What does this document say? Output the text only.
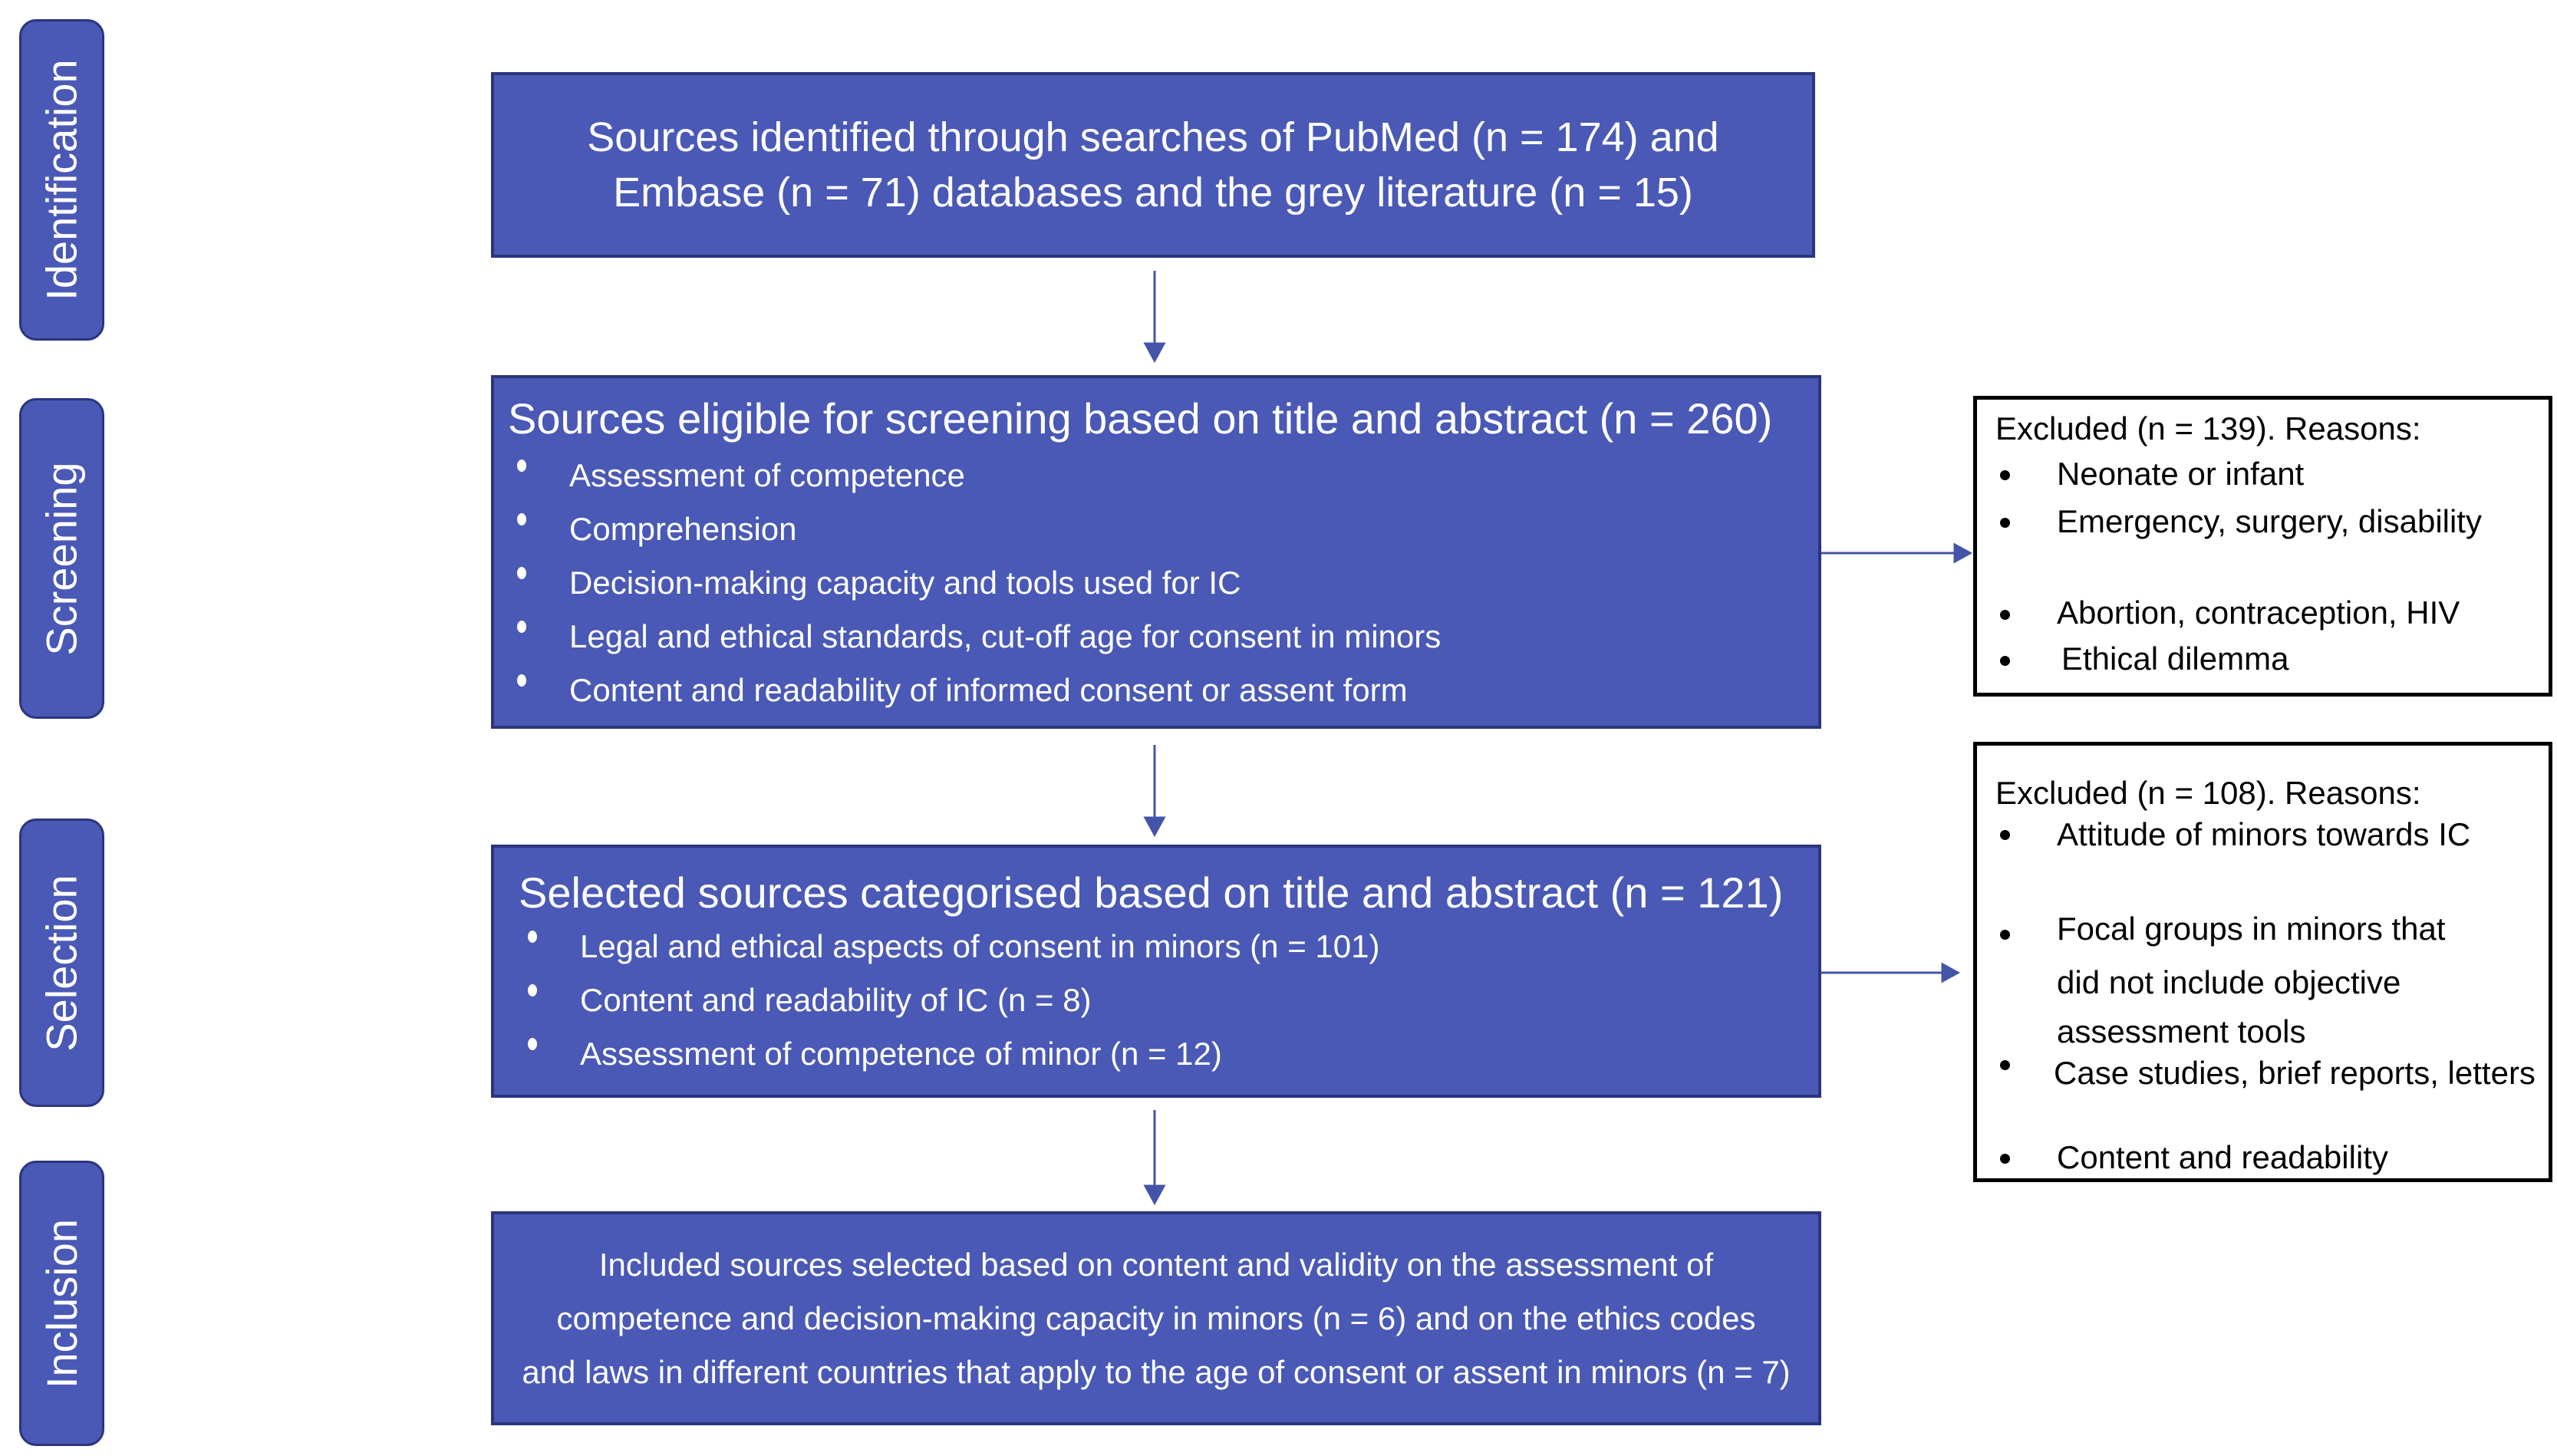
Identification
Screening
Selection
Inclusion
Sources identified through searches of PubMed (n = 174) and
Embase (n = 71) databases and the grey literature (n = 15)
Sources eligible for screening based on title and abstract (n = 260)
Assessment of competence
Comprehension
Decision-making capacity and tools used for IC
Legal and ethical standards, cut-off age for consent in minors
Content and readability of informed consent or assent form
Selected sources categorised based on title and abstract (n = 121)
Legal and ethical aspects of consent in minors (n = 101)
Content and readability of IC (n = 8)
Assessment of competence of minor (n = 12)
Included sources selected based on content and validity on the assessment of
competence and decision-making capacity in minors (n = 6) and on the ethics codes
and laws in different countries that apply to the age of consent or assent in minors (n = 7)
Excluded (n = 139). Reasons:
Neonate or infant
Emergency, surgery, disability
Abortion, contraception, HIV
Ethical dilemma
Excluded (n = 108). Reasons:
Attitude of minors towards IC
Focal groups in minors that
did not include objective
assessment tools
Case studies, brief reports, letters
Content and readability
